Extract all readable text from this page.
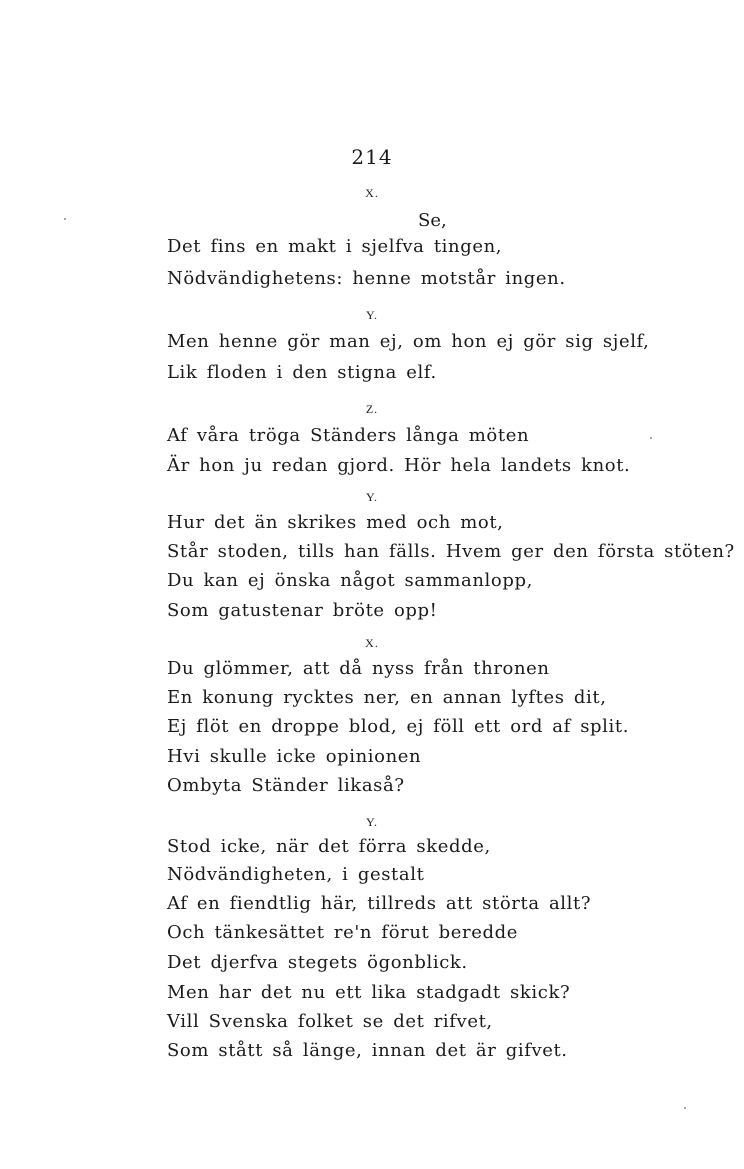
214
X.
Se,
Det fins en makt i sjelfva tingen,
Nödvändighetens: henne motstår ingen.
Y.
Men henne gör man ej, om hon ej gör sig sjelf,
Lik floden i den stigna elf.
Z.
Af våra tröga Ständers långa möten
Är hon ju redan gjord. Hör hela landets knot.
Y.
Hur det än skrikes med och mot,
Står stoden, tills han fälls. Hvem ger den första stöten?
Du kan ej önska något sammanlopp,
Som gatustenar bröte opp!
X.
Du glömmer, att då nyss från thronen
En konung rycktes ner, en annan lyftes dit,
Ej flöt en droppe blod, ej föll ett ord af split.
Hvi skulle icke opinionen
Ombyta Ständer likaså?
Y.
Stod icke, när det förra skedde,
Nödvändigheten, i gestalt
Af en fiendtlig här, tillreds att störta allt?
Och tänkesättet re'n förut beredde
Det djerfva stegets ögonblick.
Men har det nu ett lika stadgadt skick?
Vill Svenska folket se det rifvet,
Som stått så länge, innan det är gifvet.
